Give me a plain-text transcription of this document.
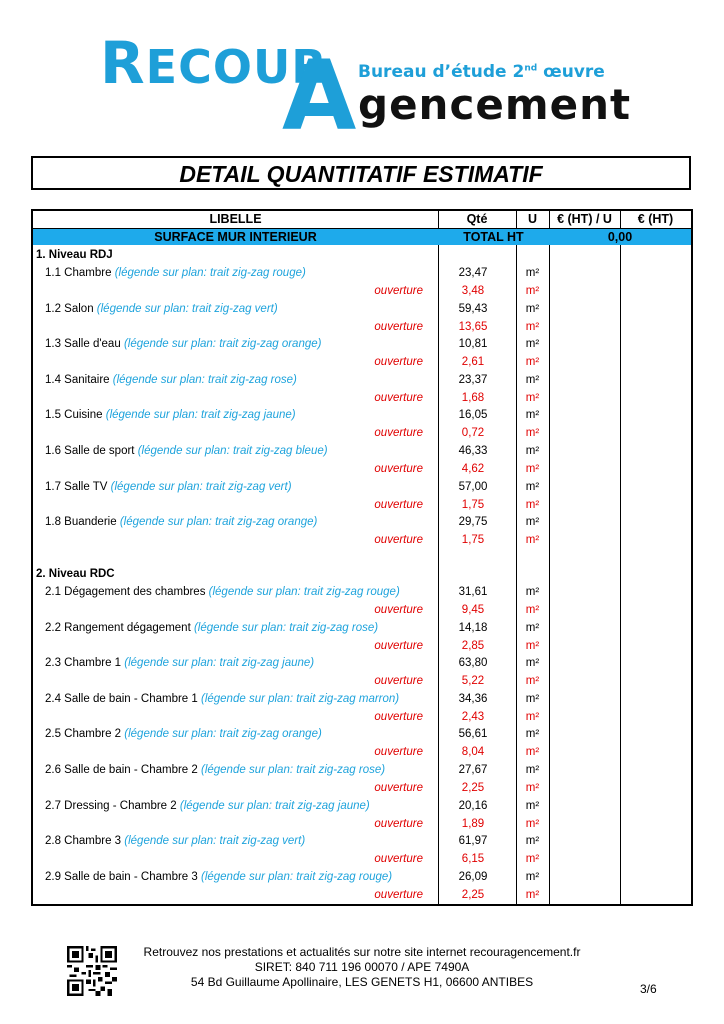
RECOUR
A Bureau d’étude 2nd œuvre
gencement
DETAIL QUANTITATIF ESTIMATIF
LIBELLE	Qté	U	€ (HT) / U	€ (HT)
SURFACE MUR INTERIEUR	TOTAL HT	0,00
1. Niveau RDJ
1.1 Chambre (légende sur plan: trait zig-zag rouge)	23,47	m²
ouverture	3,48	m²
1.2 Salon (légende sur plan: trait zig-zag vert)	59,43	m²
ouverture	13,65	m²
1.3 Salle d'eau (légende sur plan: trait zig-zag orange)	10,81	m²
ouverture	2,61	m²
1.4 Sanitaire (légende sur plan: trait zig-zag rose)	23,37	m²
ouverture	1,68	m²
1.5 Cuisine (légende sur plan: trait zig-zag jaune)	16,05	m²
ouverture	0,72	m²
1.6 Salle de sport (légende sur plan: trait zig-zag bleue)	46,33	m²
ouverture	4,62	m²
1.7 Salle TV (légende sur plan: trait zig-zag vert)	57,00	m²
ouverture	1,75	m²
1.8 Buanderie (légende sur plan: trait zig-zag orange)	29,75	m²
ouverture	1,75	m²
2. Niveau RDC
2.1 Dégagement des chambres (légende sur plan: trait zig-zag rouge)	31,61	m²
ouverture	9,45	m²
2.2 Rangement dégagement (légende sur plan: trait zig-zag rose)	14,18	m²
ouverture	2,85	m²
2.3 Chambre 1 (légende sur plan: trait zig-zag jaune)	63,80	m²
ouverture	5,22	m²
2.4 Salle de bain - Chambre 1 (légende sur plan: trait zig-zag marron)	34,36	m²
ouverture	2,43	m²
2.5 Chambre 2 (légende sur plan: trait zig-zag orange)	56,61	m²
ouverture	8,04	m²
2.6 Salle de bain - Chambre 2 (légende sur plan: trait zig-zag rose)	27,67	m²
ouverture	2,25	m²
2.7 Dressing - Chambre 2 (légende sur plan: trait zig-zag jaune)	20,16	m²
ouverture	1,89	m²
2.8 Chambre 3 (légende sur plan: trait zig-zag vert)	61,97	m²
ouverture	6,15	m²
2.9 Salle de bain - Chambre 3 (légende sur plan: trait zig-zag rouge)	26,09	m²
ouverture	2,25	m²
Retrouvez nos prestations et actualités sur notre site internet recouragencement.fr
SIRET: 840 711 196 00070 / APE 7490A
54 Bd Guillaume Apollinaire, LES GENETS H1, 06600 ANTIBES	3/6
